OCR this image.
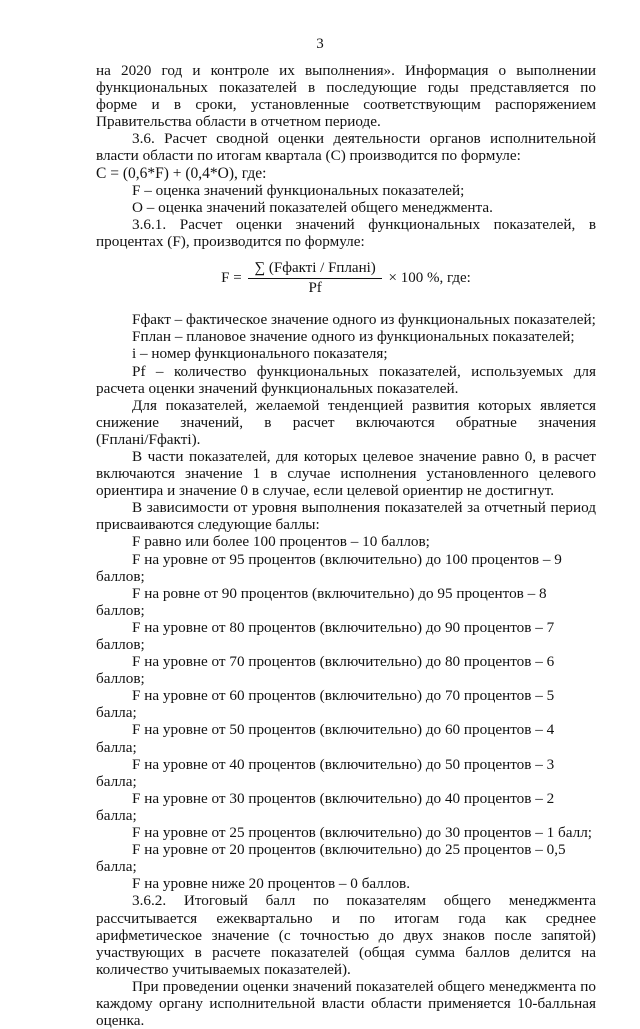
3

на 2020 год и контроле их выполнения». Информация о выполнении функциональных показателей в последующие годы представляется по форме и в сроки, установленные соответствующим распоряжением Правительства области в отчетном периоде.

3.6. Расчет сводной оценки деятельности органов исполнительной власти области по итогам квартала (С) производится по формуле:

С = (0,6*F) + (0,4*O), где:

F – оценка значений функциональных показателей;

О – оценка значений показателей общего менеджмента.

3.6.1. Расчет оценки значений функциональных показателей, в процентах (F), производится по формуле:

$F = \frac{\text{∑ (Fфакті / Fплані)}}{Pf} \times 100$ %, где:

Fфакт – фактическое значение одного из функциональных показателей;

Fплан – плановое значение одного из функциональных показателей;

i – номер функционального показателя;

Pf – количество функциональных показателей, используемых для расчета оценки значений функциональных показателей.

Для показателей, желаемой тенденцией развития которых является снижение значений, в расчет включаются обратные значения (Fплані/Fфакті).

В части показателей, для которых целевое значение равно 0, в расчет включаются значение 1 в случае исполнения установленного целевого ориентира и значение 0 в случае, если целевой ориентир не достигнут.

В зависимости от уровня выполнения показателей за отчетный период присваиваются следующие баллы:

F равно или более 100 процентов – 10 баллов;

F на уровне от 95 процентов (включительно) до 100 процентов – 9 баллов;

F на ровне от 90 процентов (включительно) до 95 процентов – 8 баллов;

F на уровне от 80 процентов (включительно) до 90 процентов – 7 баллов;

F на уровне от 70 процентов (включительно) до 80 процентов – 6 баллов;

F на уровне от 60 процентов (включительно) до 70 процентов – 5 балла;

F на уровне от 50 процентов (включительно) до 60 процентов – 4 балла;

F на уровне от 40 процентов (включительно) до 50 процентов – 3 балла;

F на уровне от 30 процентов (включительно) до 40 процентов – 2 балла;

F на уровне от 25 процентов (включительно) до 30 процентов – 1 балл;

F на уровне от 20 процентов (включительно) до 25 процентов – 0,5 балла;

F на уровне ниже 20 процентов – 0 баллов.

3.6.2. Итоговый балл по показателям общего менеджмента рассчитывается ежеквартально и по итогам года как среднее арифметическое значение (с точностью до двух знаков после запятой) участвующих в расчете показателей (общая сумма баллов делится на количество учитываемых показателей).

При проведении оценки значений показателей общего менеджмента по каждому органу исполнительной власти области применяется 10-балльная оценка.
